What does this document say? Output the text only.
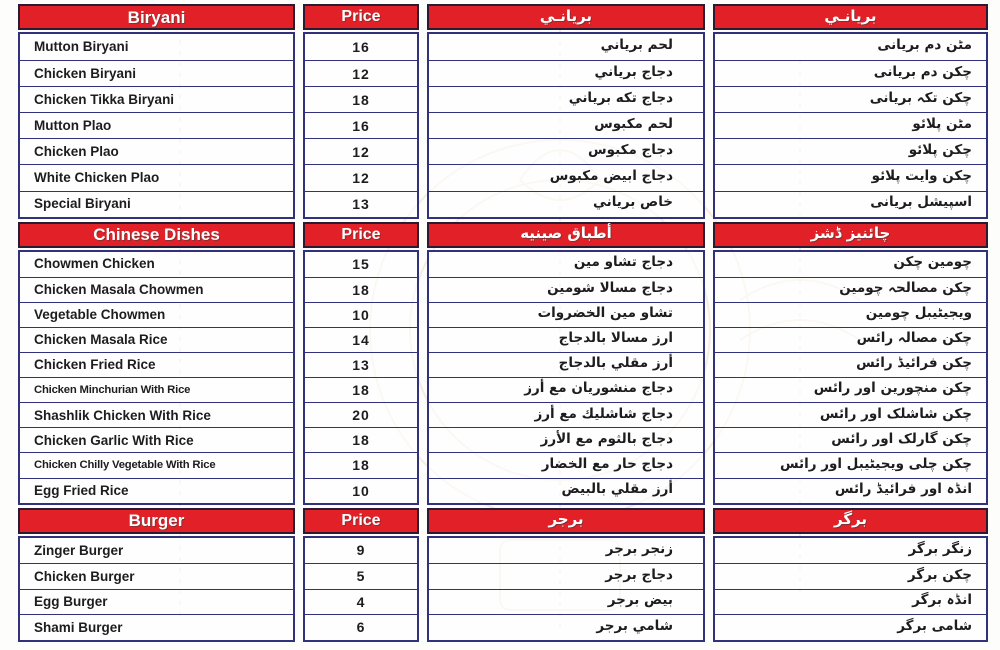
Biryani
Mutton Biryani
Chicken Biryani
Chicken Tikka Biryani
Mutton Plao
Chicken Plao
White Chicken Plao
Special Biryani
Price
16
12
18
16
12
12
13
بريانـي
لحم برياني
دجاج برياني
دجاج تكه برياني
لحم مكبوس
دجاج مكبوس
دجاج ابيض مكبوس
خاص برياني
بريانـي
مٹن دم بریانی
چکن دم بریانی
چکن تکہ بریانی
مٹن پلائو
چکن پلائو
چکن وایت پلائو
اسپیشل بریانی
Chinese Dishes
Chowmen Chicken
Chicken Masala Chowmen
Vegetable Chowmen
Chicken Masala Rice
Chicken Fried Rice
Chicken Minchurian With Rice
Shashlik Chicken With Rice
Chicken Garlic With Rice
Chicken Chilly Vegetable With Rice
Egg Fried Rice
Price
15
18
10
14
13
18
20
18
18
10
أطباق صينيه
دجاج تشاو مين
دجاج مسالا شومين
تشاو مين الخضروات
ارز مسالا بالدجاج
أرز مقلي بالدجاج
دجاج منشوريان مع أرز
دجاج شاشليك مع أرز
دجاج بالثوم مع الأرز
دجاج حار مع الخضار
أرز مقلي بالبيض
چائنیز ڈشز
چومین چکن
چکن مصالحہ چومین
ویجیٹیبل چومین
چکن مصالہ رائس
چکن فرائیڈ رائس
چکن منچورین اور رائس
چکن شاشلک اور رائس
چکن گارلک اور رائس
چکن چلی ویجیٹیبل اور رائس
انڈہ اور فرائیڈ رائس
Burger
Zinger Burger
Chicken Burger
Egg Burger
Shami Burger
Price
9
5
4
6
برجر
زنجر برجر
دجاج برجر
بيض برجر
شامي برجر
برگر
زنگر برگر
چکن برگر
انڈہ برگر
شامی برگر
